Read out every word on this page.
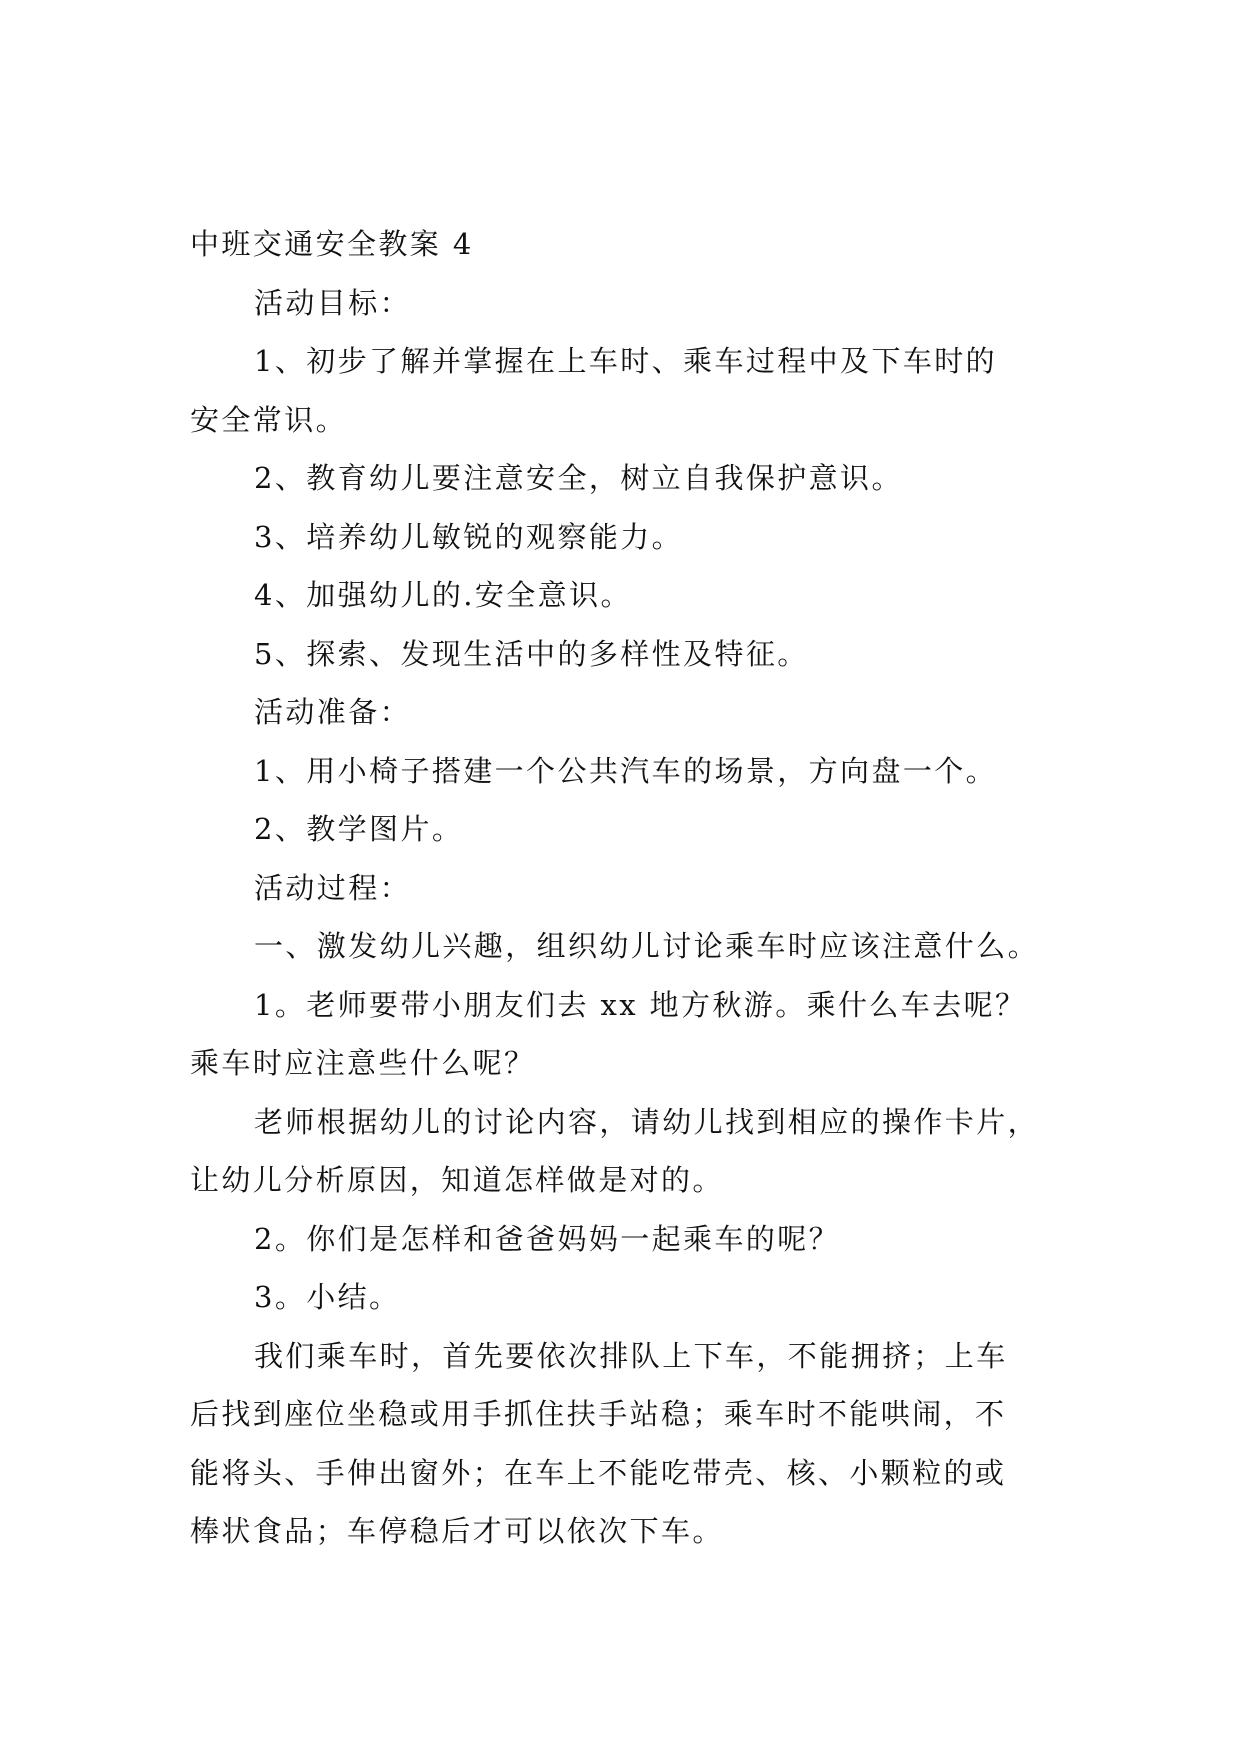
中班交通安全教案 4

活动目标：

1、初步了解并掌握在上车时、乘车过程中及下车时的

安全常识。

2、教育幼儿要注意安全，树立自我保护意识。

3、培养幼儿敏锐的观察能力。

4、加强幼儿的.安全意识。

5、探索、发现生活中的多样性及特征。

活动准备：

1、用小椅子搭建一个公共汽车的场景，方向盘一个。

2、教学图片。

活动过程：

一、激发幼儿兴趣，组织幼儿讨论乘车时应该注意什么。

1。老师要带小朋友们去 xx 地方秋游。乘什么车去呢？

乘车时应注意些什么呢？

老师根据幼儿的讨论内容，请幼儿找到相应的操作卡片，

让幼儿分析原因，知道怎样做是对的。

2。你们是怎样和爸爸妈妈一起乘车的呢？

3。小结。

我们乘车时，首先要依次排队上下车，不能拥挤；上车

后找到座位坐稳或用手抓住扶手站稳；乘车时不能哄闹，不

能将头、手伸出窗外；在车上不能吃带壳、核、小颗粒的或

棒状食品；车停稳后才可以依次下车。
